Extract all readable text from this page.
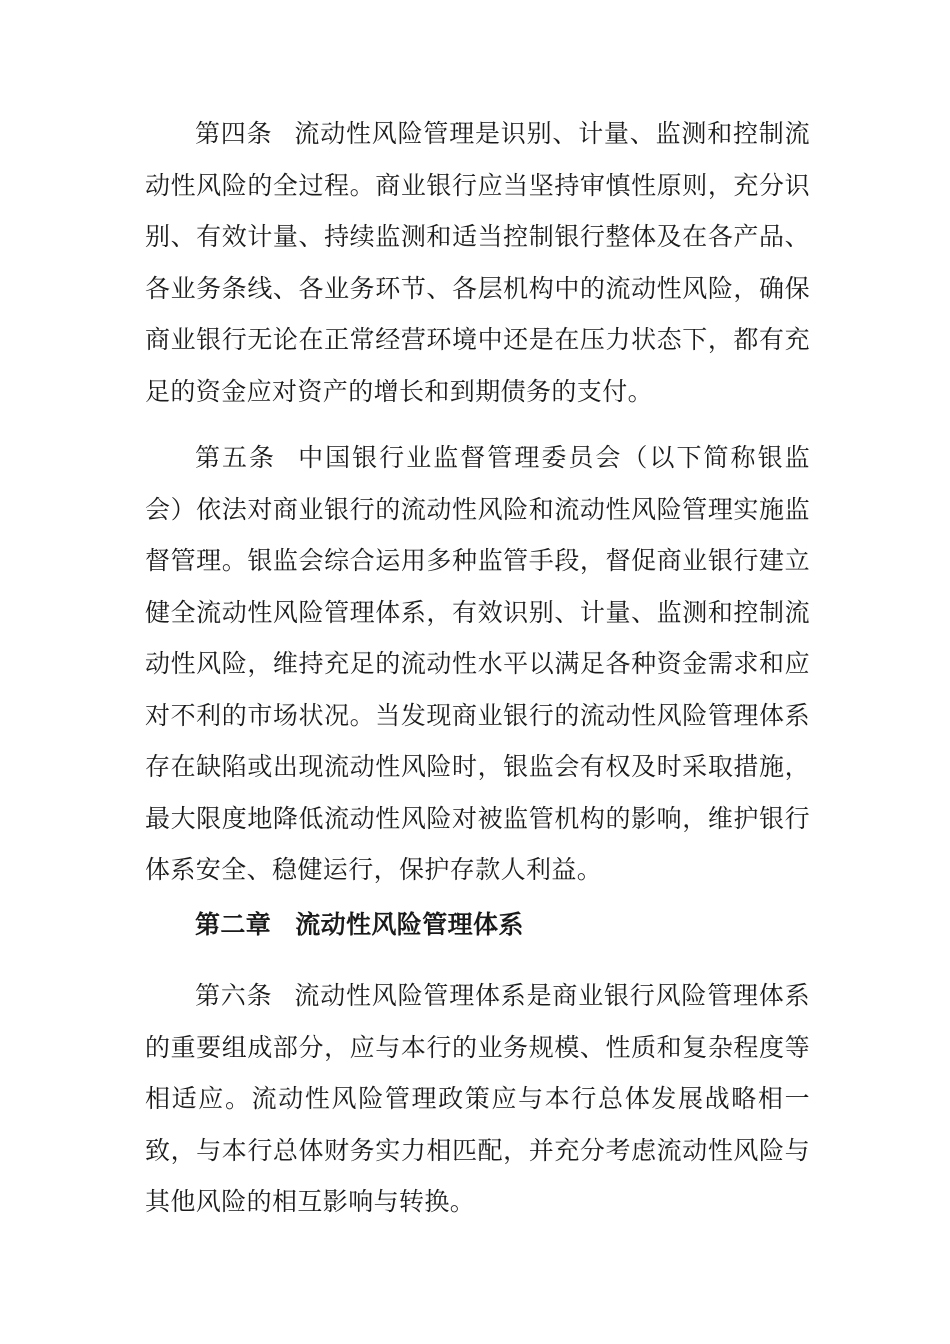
第四条 流动性风险管理是识别、计量、监测和控制流动性风险的全过程。商业银行应当坚持审慎性原则，充分识别、有效计量、持续监测和适当控制银行整体及在各产品、各业务条线、各业务环节、各层机构中的流动性风险，确保商业银行无论在正常经营环境中还是在压力状态下，都有充足的资金应对资产的增长和到期债务的支付。

第五条 中国银行业监督管理委员会（以下简称银监会）依法对商业银行的流动性风险和流动性风险管理实施监督管理。银监会综合运用多种监管手段，督促商业银行建立健全流动性风险管理体系，有效识别、计量、监测和控制流动性风险，维持充足的流动性水平以满足各种资金需求和应对不利的市场状况。当发现商业银行的流动性风险管理体系存在缺陷或出现流动性风险时，银监会有权及时采取措施，最大限度地降低流动性风险对被监管机构的影响，维护银行体系安全、稳健运行，保护存款人利益。

第二章 流动性风险管理体系

第六条 流动性风险管理体系是商业银行风险管理体系的重要组成部分，应与本行的业务规模、性质和复杂程度等相适应。流动性风险管理政策应与本行总体发展战略相一致，与本行总体财务实力相匹配，并充分考虑流动性风险与其他风险的相互影响与转换。
